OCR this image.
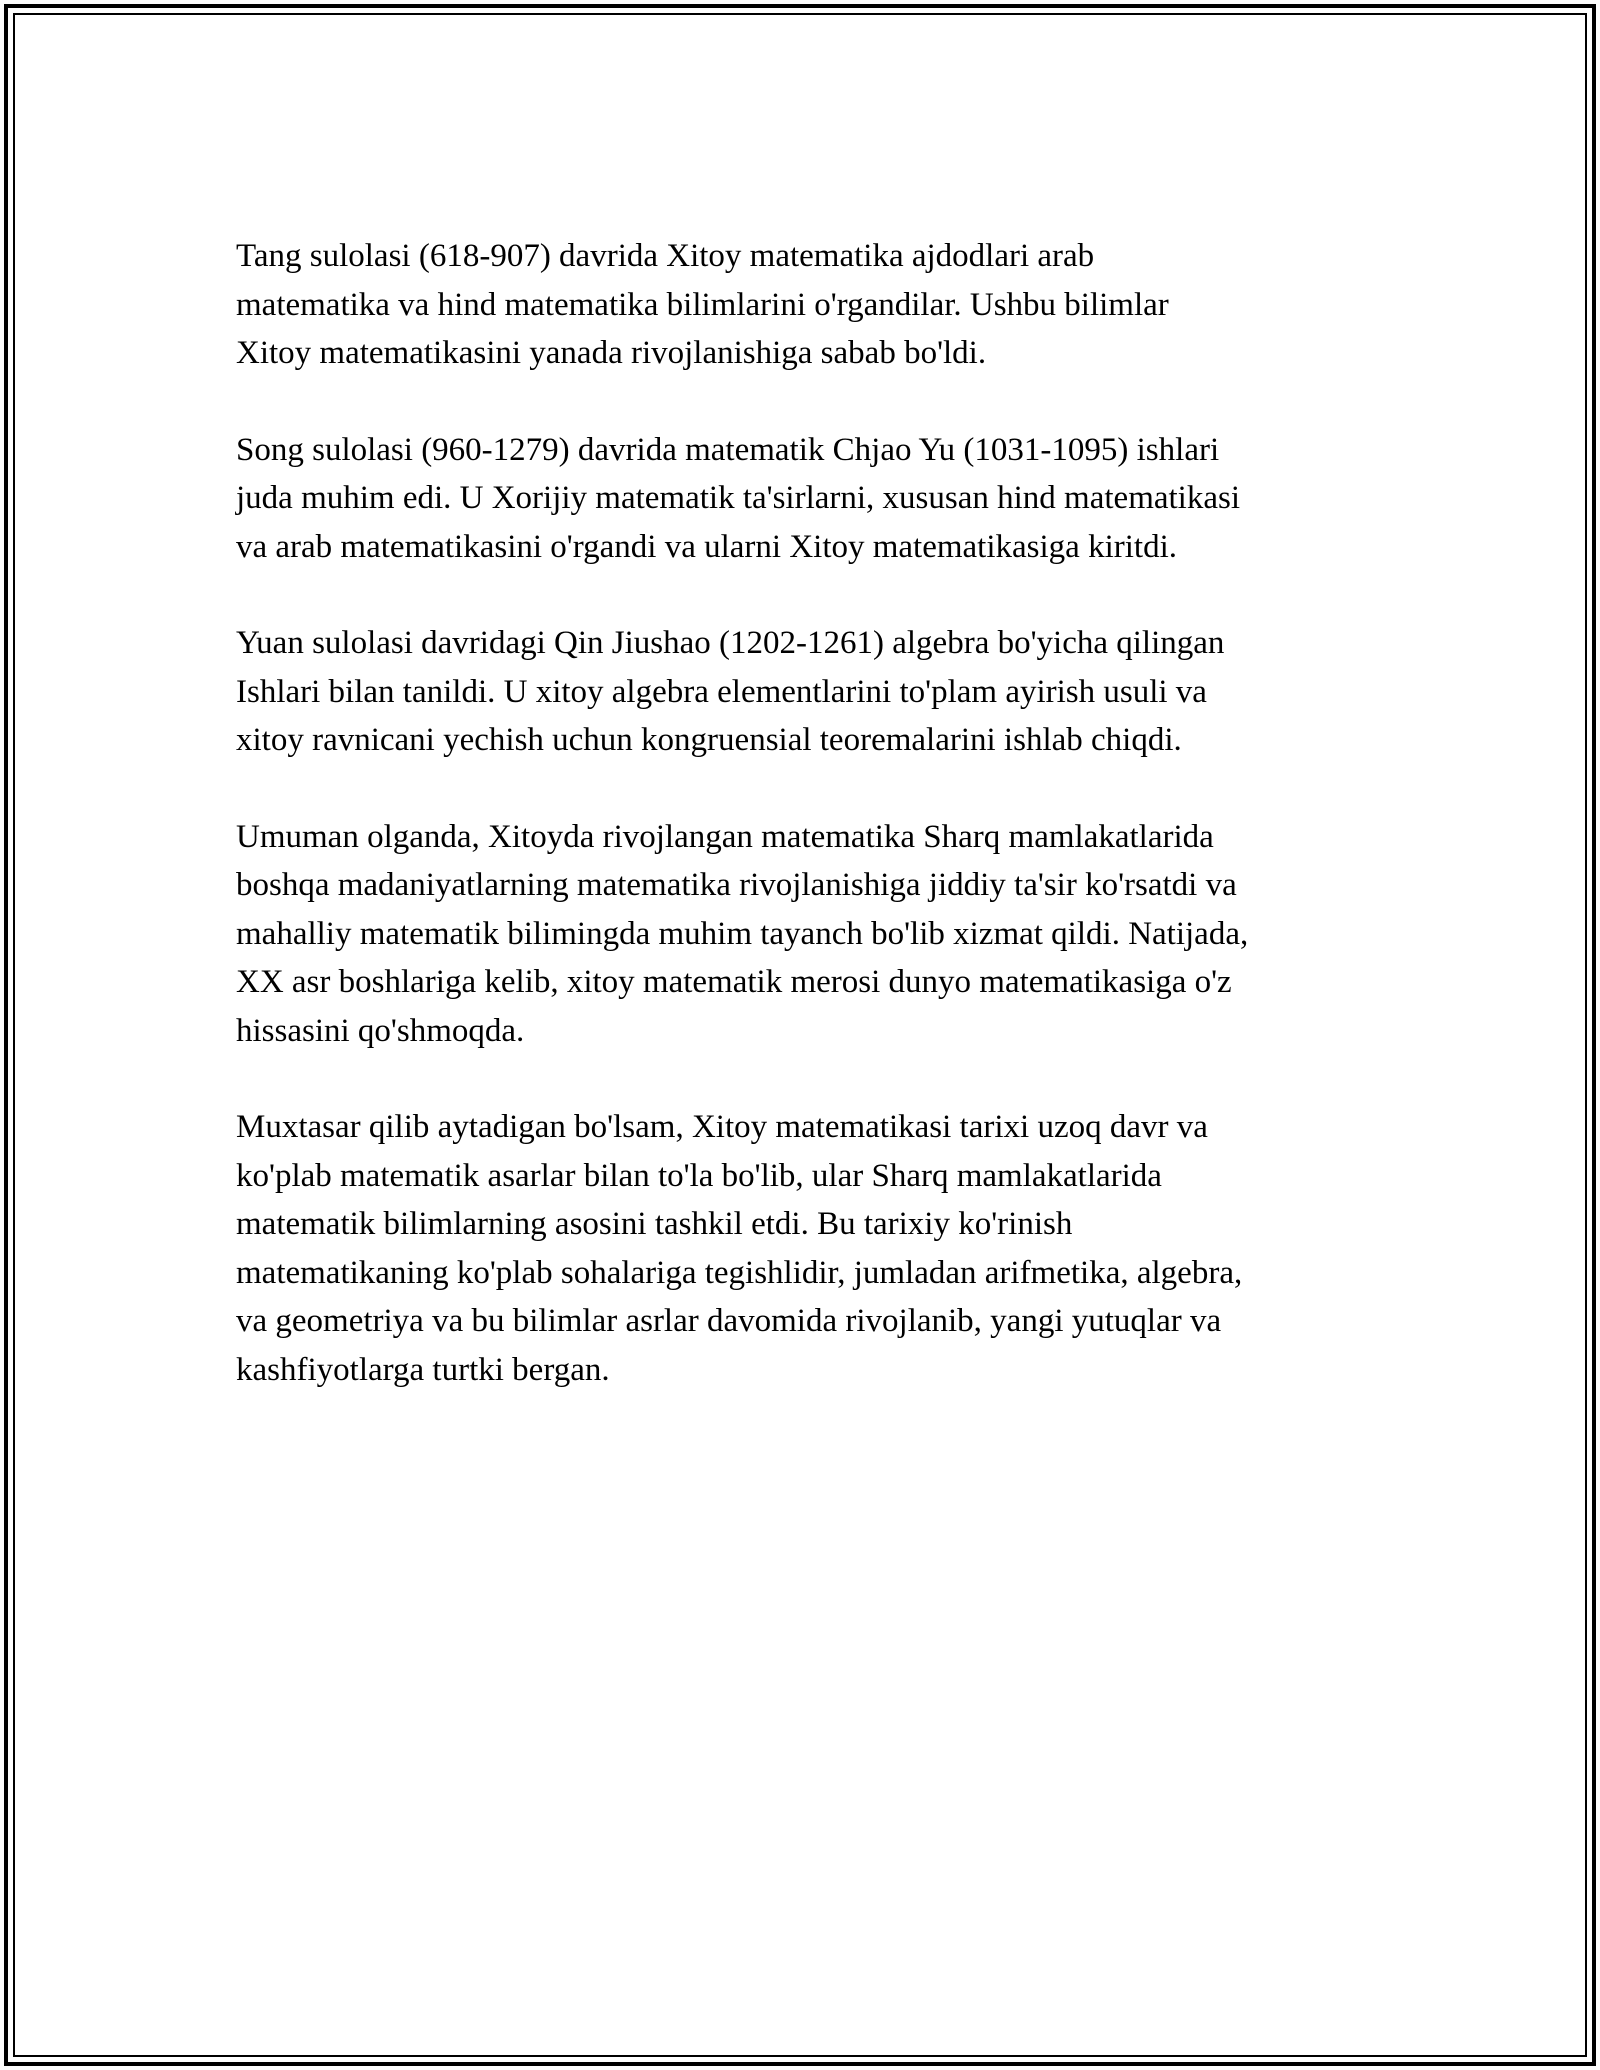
Tang sulolasi (618-907) davrida Xitoy matematika ajdodlari arab
matematika va hind matematika bilimlarini o'rgandilar. Ushbu bilimlar
Xitoy matematikasini yanada rivojlanishiga sabab bo'ldi.

Song sulolasi (960-1279) davrida matematik Chjao Yu (1031-1095) ishlari
juda muhim edi. U Xorijiy matematik ta'sirlarni, xususan hind matematikasi
va arab matematikasini o'rgandi va ularni Xitoy matematikasiga kiritdi.

Yuan sulolasi davridagi Qin Jiushao (1202-1261) algebra bo'yicha qilingan
Ishlari bilan tanildi. U xitoy algebra elementlarini to'plam ayirish usuli va
xitoy ravnicani yechish uchun kongruensial teoremalarini ishlab chiqdi.

Umuman olganda, Xitoyda rivojlangan matematika Sharq mamlakatlarida
boshqa madaniyatlarning matematika rivojlanishiga jiddiy ta'sir ko'rsatdi va
mahalliy matematik bilimingda muhim tayanch bo'lib xizmat qildi. Natijada,
XX asr boshlariga kelib, xitoy matematik merosi dunyo matematikasiga o'z
hissasini qo'shmoqda.

Muxtasar qilib aytadigan bo'lsam, Xitoy matematikasi tarixi uzoq davr va
ko'plab matematik asarlar bilan to'la bo'lib, ular Sharq mamlakatlarida
matematik bilimlarning asosini tashkil etdi. Bu tarixiy ko'rinish
matematikaning ko'plab sohalariga tegishlidir, jumladan arifmetika, algebra,
va geometriya va bu bilimlar asrlar davomida rivojlanib, yangi yutuqlar va
kashfiyotlarga turtki bergan.
